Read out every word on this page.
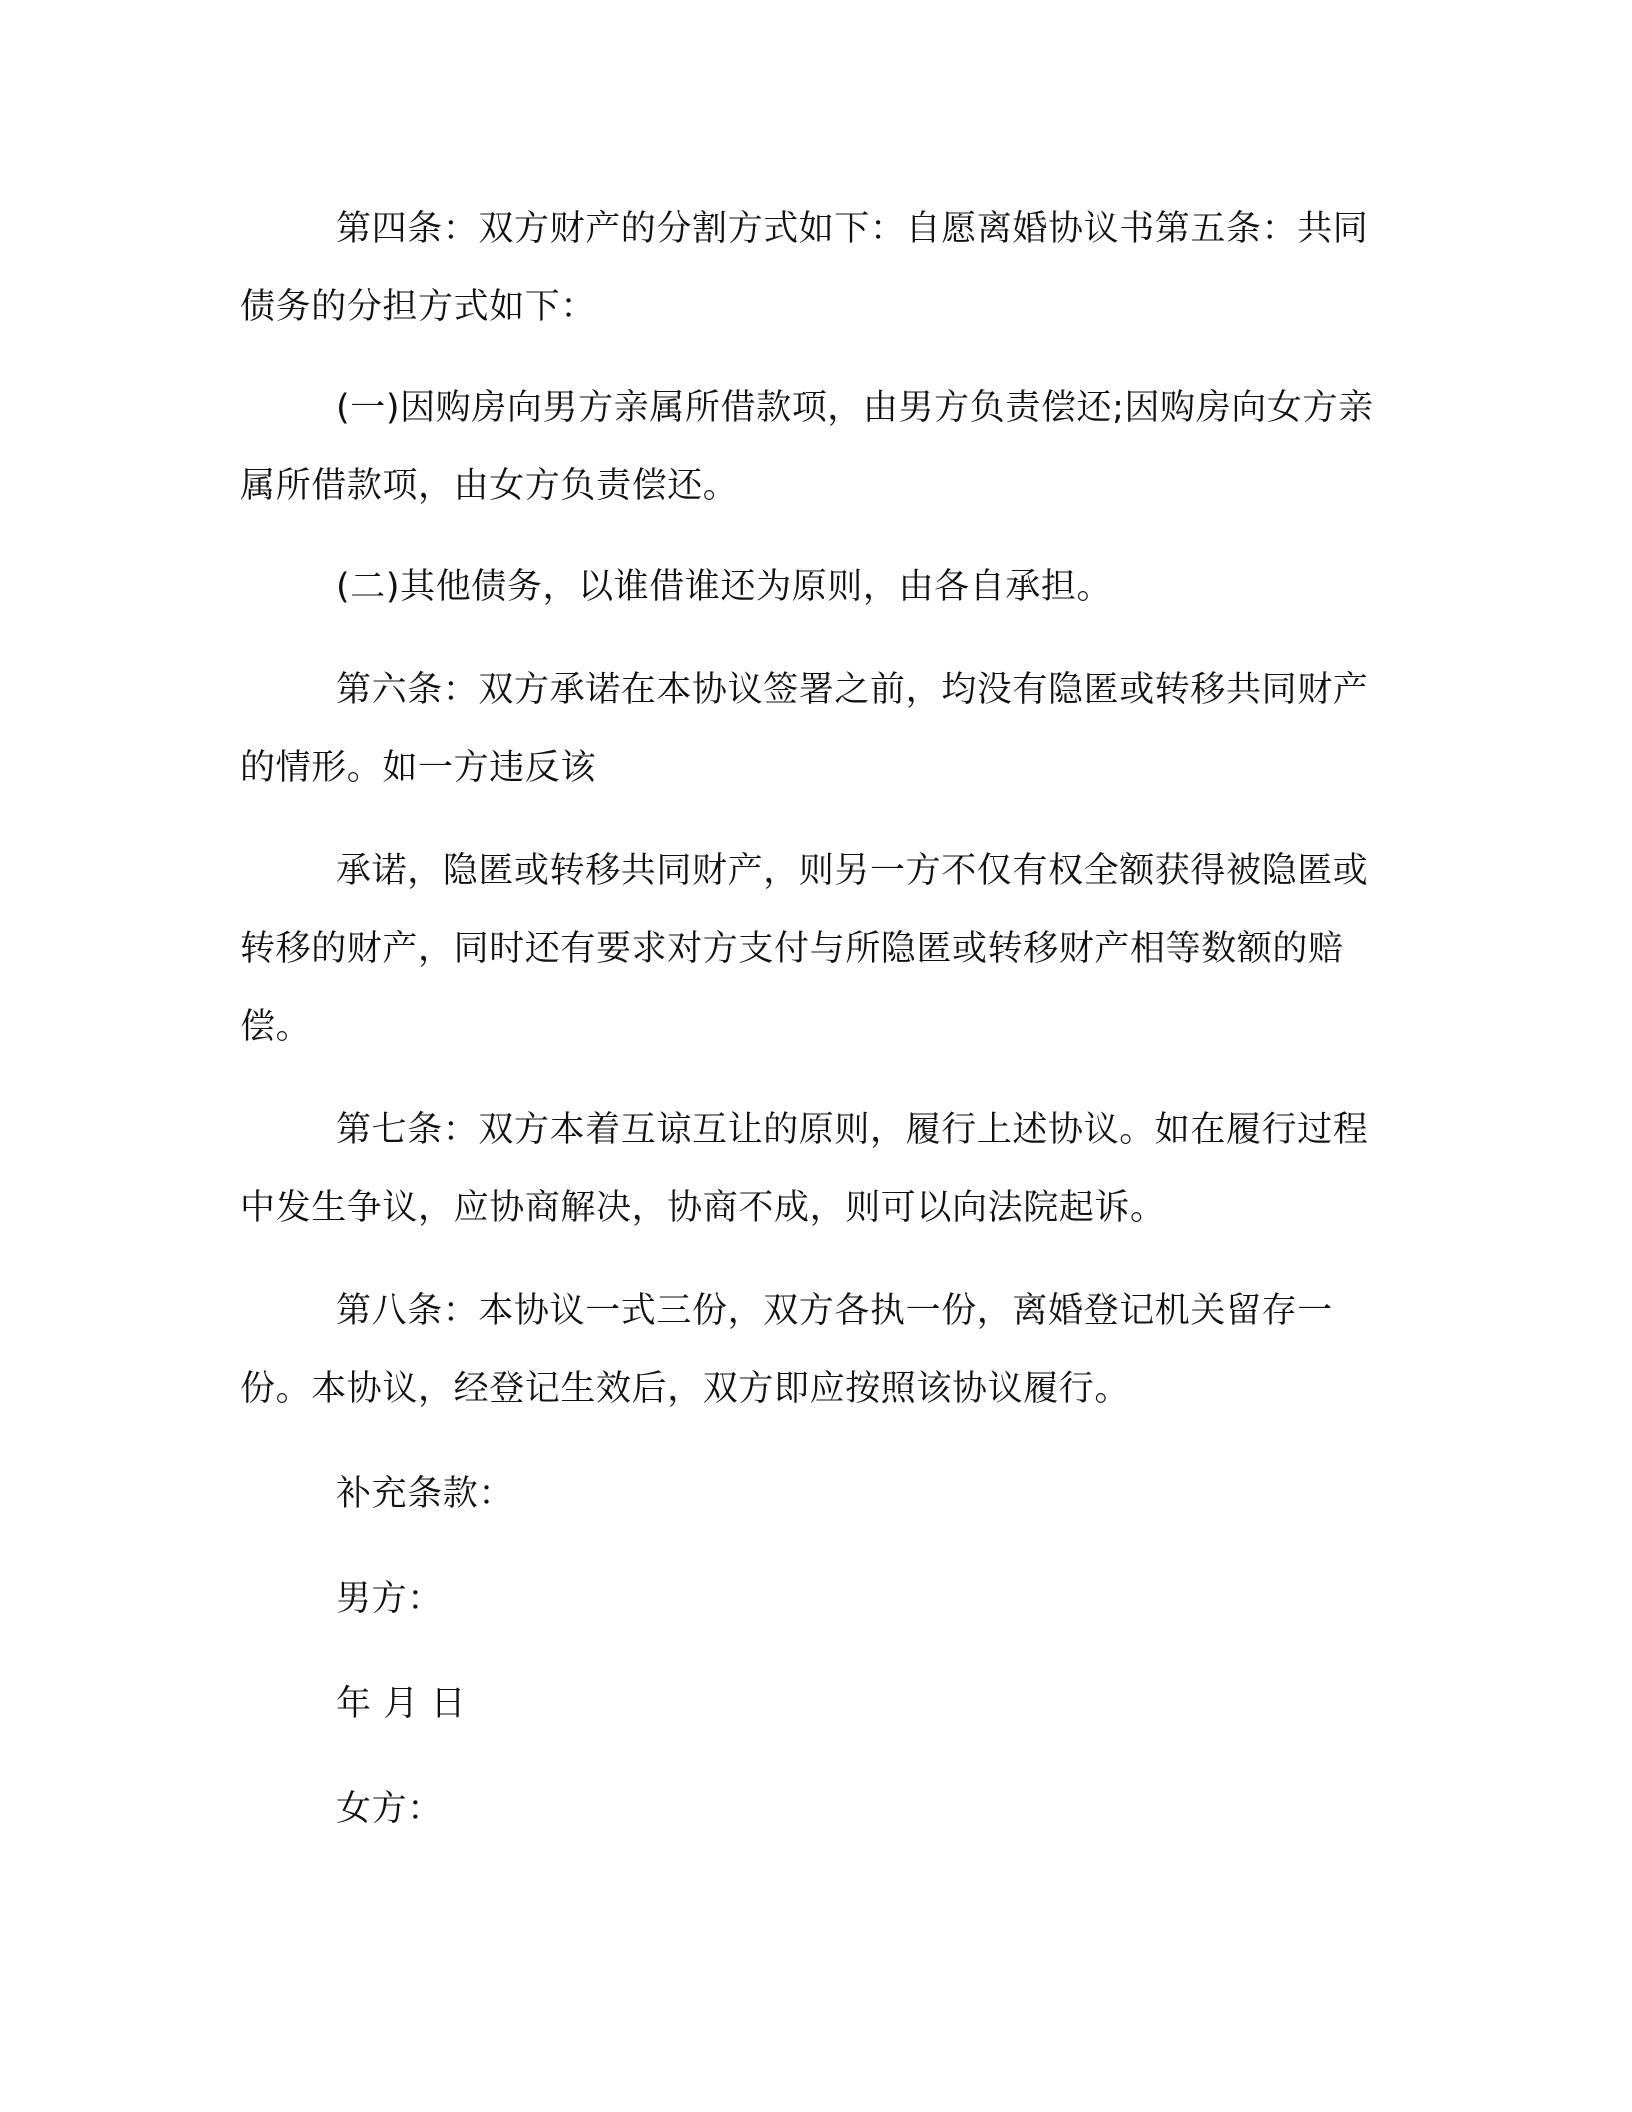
第四条：双方财产的分割方式如下：自愿离婚协议书第五条：共同债务的分担方式如下：

(一)因购房向男方亲属所借款项，由男方负责偿还;因购房向女方亲属所借款项，由女方负责偿还。

(二)其他债务，以谁借谁还为原则，由各自承担。

第六条：双方承诺在本协议签署之前，均没有隐匿或转移共同财产的情形。如一方违反该

承诺，隐匿或转移共同财产，则另一方不仅有权全额获得被隐匿或转移的财产，同时还有要求对方支付与所隐匿或转移财产相等数额的赔偿。

第七条：双方本着互谅互让的原则，履行上述协议。如在履行过程中发生争议，应协商解决，协商不成，则可以向法院起诉。

第八条：本协议一式三份，双方各执一份，离婚登记机关留存一份。本协议，经登记生效后，双方即应按照该协议履行。

补充条款：

男方：

年 月 日

女方：
